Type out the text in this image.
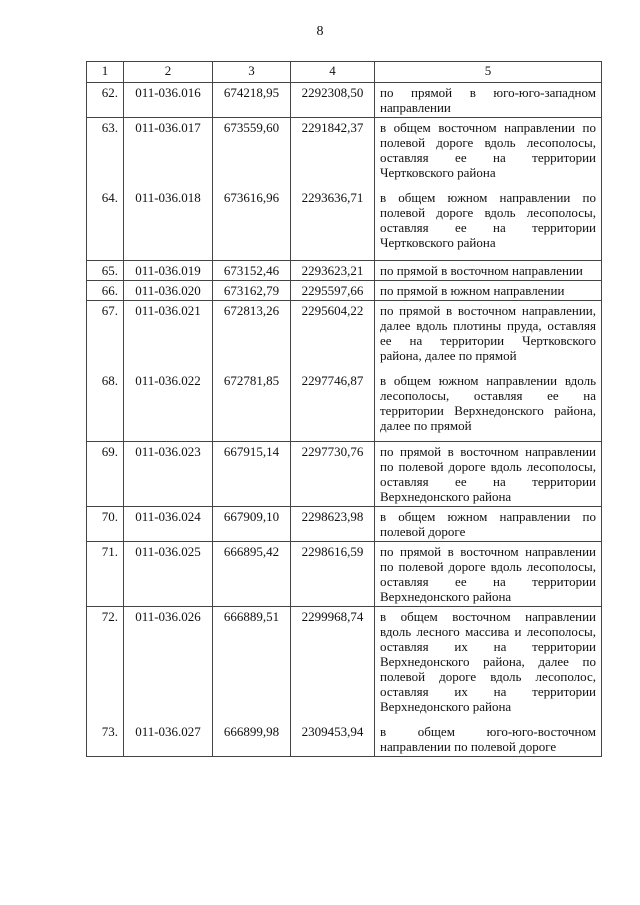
8
1	2	3	4	5
62.	011-036.016	674218,95	2292308,50	по прямой в юго-юго-западном направлении
63.	011-036.017	673559,60	2291842,37	в общем восточном направлении по полевой дороге вдоль лесополосы, оставляя ее на территории Чертковского района
64.	011-036.018	673616,96	2293636,71	в общем южном направлении по полевой дороге вдоль лесополосы, оставляя ее на территории Чертковского района
65.	011-036.019	673152,46	2293623,21	по прямой в восточном направлении
66.	011-036.020	673162,79	2295597,66	по прямой в южном направлении
67.	011-036.021	672813,26	2295604,22	по прямой в восточном направлении, далее вдоль плотины пруда, оставляя ее на территории Чертковского района, далее по прямой
68.	011-036.022	672781,85	2297746,87	в общем южном направлении вдоль лесополосы, оставляя ее на территории Верхнедонского района, далее по прямой
69.	011-036.023	667915,14	2297730,76	по прямой в восточном направлении по полевой дороге вдоль лесополосы, оставляя ее на территории Верхнедонского района
70.	011-036.024	667909,10	2298623,98	в общем южном направлении по полевой дороге
71.	011-036.025	666895,42	2298616,59	по прямой в восточном направлении по полевой дороге вдоль лесополосы, оставляя ее на территории Верхнедонского района
72.	011-036.026	666889,51	2299968,74	в общем восточном направлении вдоль лесного массива и лесополосы, оставляя их на территории Верхнедонского района, далее по полевой дороге вдоль лесополос, оставляя их на территории Верхнедонского района
73.	011-036.027	666899,98	2309453,94	в общем юго-юго-восточном направлении по полевой дороге
